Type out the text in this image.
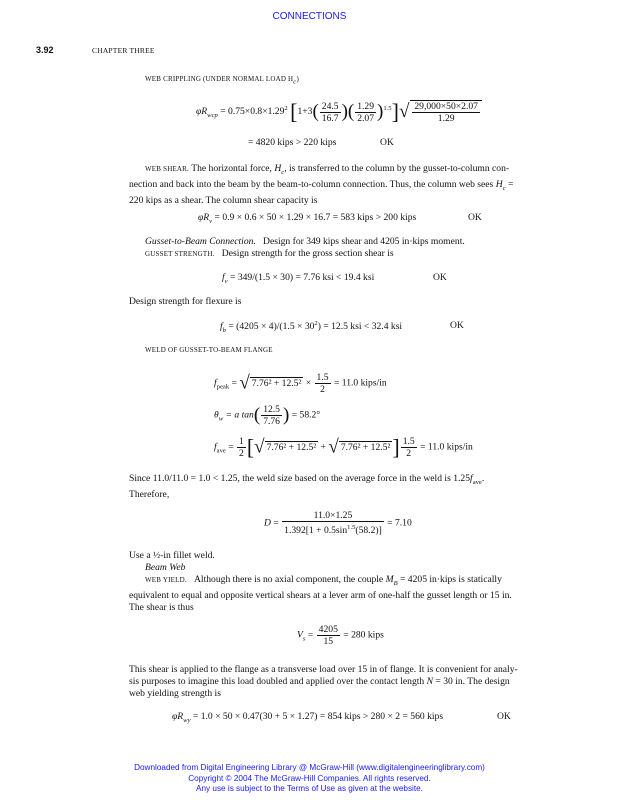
CONNECTIONS
3.92	CHAPTER THREE
WEB CRIPPLING (UNDER NORMAL LOAD $H_c$)
$\varphi R_{wcp} = 0.75\times 0.8\times 1.29^2$ [$1+3( \frac{24.5}{16.7}$ )( $\frac{1.29}{2.07} )^{1.5}]√ \frac{29,000\times 50\times 2.07}{1.29}$
= 4820 kips > 220 kips	OK
WEB SHEAR. The horizontal force, $H_c$, is transferred to the column by the gusset-to-column con-
nection and back into the beam by the beam-to-column connection. Thus, the column web sees $H_c$ =
220 kips as a shear. The column shear capacity is
$\varphi R_v = 0.9 \times 0.6 \times 50 \times 1.29 \times 16.7 = 583$ kips > 200 kips	OK
Gusset-to-Beam Connection. Design for 349 kips shear and 4205 in·kips moment.
GUSSET STRENGTH. Design strength for the gross section shear is
$f_v = 349/(1.5 \times 30) = 7.76$ ksi < 19.4 ksi	OK
Design strength for flexure is
$f_b = (4205 \times 4)/(1.5 \times 30^2) = 12.5$ ksi < 32.4 ksi	OK
WELD OF GUSSET-TO-BEAM FLANGE
$f_{peak}$ = √ $7.76^2 + 12.5^2 \times \frac{1.5}{2} = 11.0$ kips/in
$\theta_w = a$ $\tan( \frac{12.5}{7.76}$ ) = 58.2°
$f_{ave} = \frac{1}{2}$ [√ 7.76² + 12.5² + √ $7.76^2 + 12.5^2] \frac{1.5}{2} = 11.0$ kips/in
Since 11.0/11.0 = 1.0 < 1.25, the weld size based on the average force in the weld is $1.25f_{ave}$.
Therefore,
$D = \frac{11.0\times 1.25}{1.392[1 + 0.5\sin^{1.5}(58.2)]} = 7.10$
Use a ½-in fillet weld.
Beam Web
WEB YIELD. Although there is no axial component, the couple $M_B = 4205$ in·kips is statically
equivalent to equal and opposite vertical shears at a lever arm of one-half the gusset length or 15 in.
The shear is thus
$V_s = \frac{4205}{15} = 280$ kips
This shear is applied to the flange as a transverse load over 15 in of flange. It is convenient for analy-
sis purposes to imagine this load doubled and applied over the contact length N = 30 in. The design
web yielding strength is
$\varphi R_{wy} = 1.0 \times 50 \times 0.47(30 + 5 \times 1.27) = 854$ kips > 280 × 2 = 560 kips	OK
Downloaded from Digital Engineering Library @ McGraw-Hill (www.digitalengineeringlibrary.com)
Copyright © 2004 The McGraw-Hill Companies. All rights reserved.
Any use is subject to the Terms of Use as given at the website.
